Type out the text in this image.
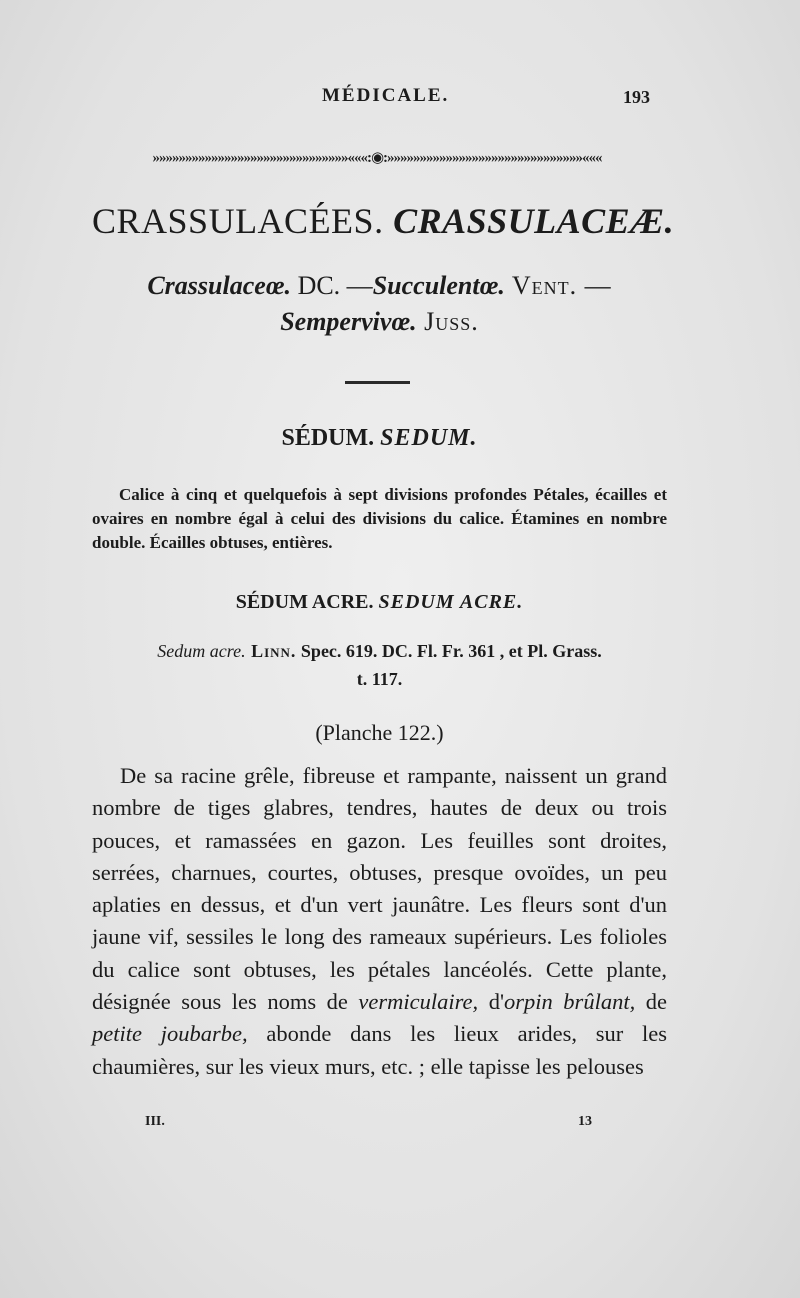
MÉDICALE.	193
»»»»»»»»»»»»»»»»»»»»»»»»»»»»»»«««:◉:»»»»»»»»»»»»»»»»»»»»»»»»»»»»»»«««
CRASSULACÉES. CRASSULACEÆ.
Crassulaceœ. DC. —Succulentœ. Vent. —
Sempervivœ. Juss.
SÉDUM. SEDUM.
Calice à cinq et quelquefois à sept divisions profondes Pétales, écailles et ovaires en nombre égal à celui des divisions du calice. Étamines en nombre double. Écailles obtuses, entières.
SÉDUM ACRE. SEDUM ACRE.
Sedum acre. Linn. Spec. 619. DC. Fl. Fr. 361 , et Pl. Grass.
t. 117.
(Planche 122.)
De sa racine grêle, fibreuse et rampante, naissent un grand nombre de tiges glabres, tendres, hautes de deux ou trois pouces, et ramassées en gazon. Les feuilles sont droites, serrées, charnues, courtes, obtuses, presque ovoïdes, un peu aplaties en dessus, et d'un vert jaunâtre. Les fleurs sont d'un jaune vif, sessiles le long des rameaux supérieurs. Les folioles du calice sont obtuses, les pétales lancéolés. Cette plante, désignée sous les noms de vermiculaire, d'orpin brûlant, de petite joubarbe, abonde dans les lieux arides, sur les chaumières, sur les vieux murs, etc. ; elle tapisse les pelouses
III.	13
